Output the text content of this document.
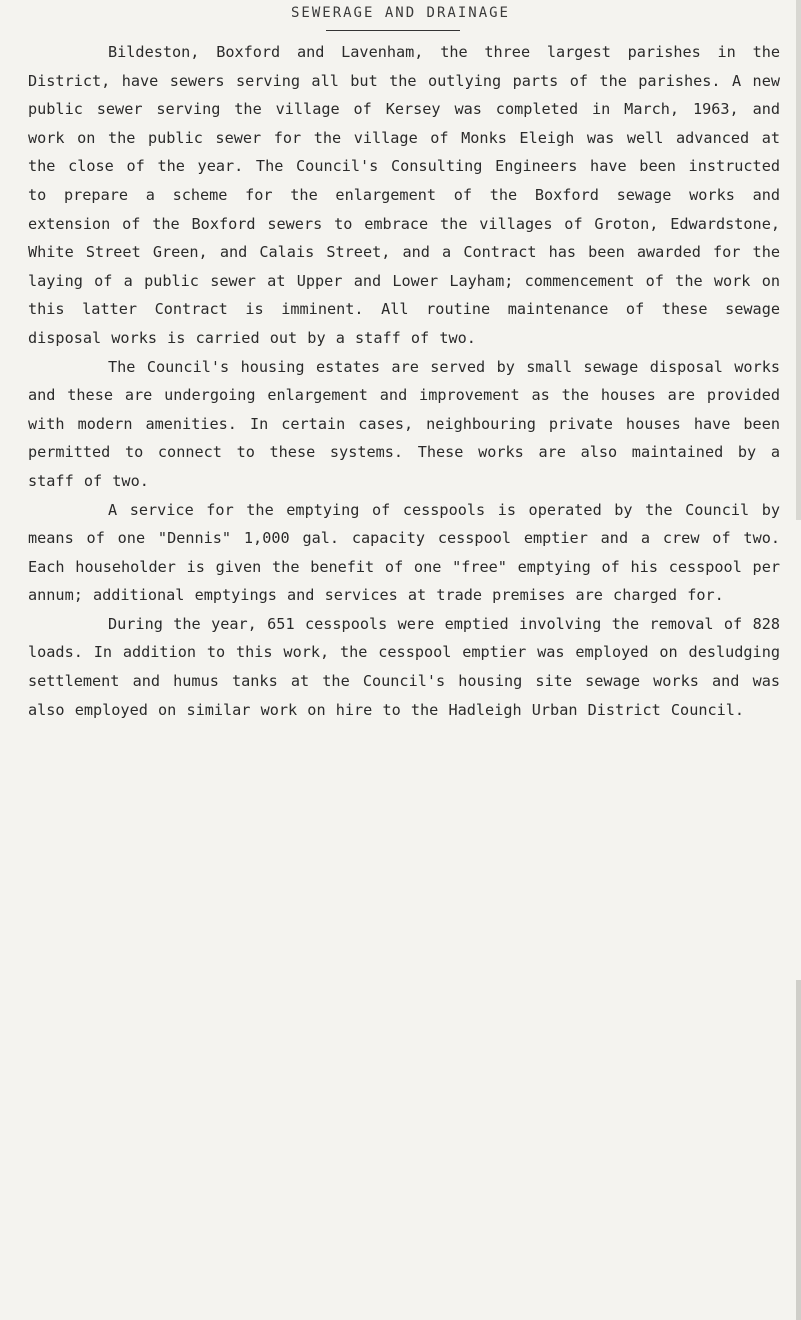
SEWERAGE AND DRAINAGE

Bildeston, Boxford and Lavenham, the three largest parishes in the District, have sewers serving all but the outlying parts of the parishes. A new public sewer serving the village of Kersey was completed in March, 1963, and work on the public sewer for the village of Monks Eleigh was well advanced at the close of the year. The Council's Consulting Engineers have been instructed to prepare a scheme for the enlargement of the Boxford sewage works and extension of the Boxford sewers to embrace the villages of Groton, Edwardstone, White Street Green, and Calais Street, and a Contract has been awarded for the laying of a public sewer at Upper and Lower Layham; commencement of the work on this latter Contract is imminent. All routine maintenance of these sewage disposal works is carried out by a staff of two.

The Council's housing estates are served by small sewage disposal works and these are undergoing enlargement and improvement as the houses are provided with modern amenities. In certain cases, neighbouring private houses have been permitted to connect to these systems. These works are also maintained by a staff of two.

A service for the emptying of cesspools is operated by the Council by means of one "Dennis" 1,000 gal. capacity cesspool emptier and a crew of two. Each householder is given the benefit of one "free" emptying of his cesspool per annum; additional emptyings and services at trade premises are charged for.

During the year, 651 cesspools were emptied involving the removal of 828 loads. In addition to this work, the cesspool emptier was employed on desludging settlement and humus tanks at the Council's housing site sewage works and was also employed on similar work on hire to the Hadleigh Urban District Council.
